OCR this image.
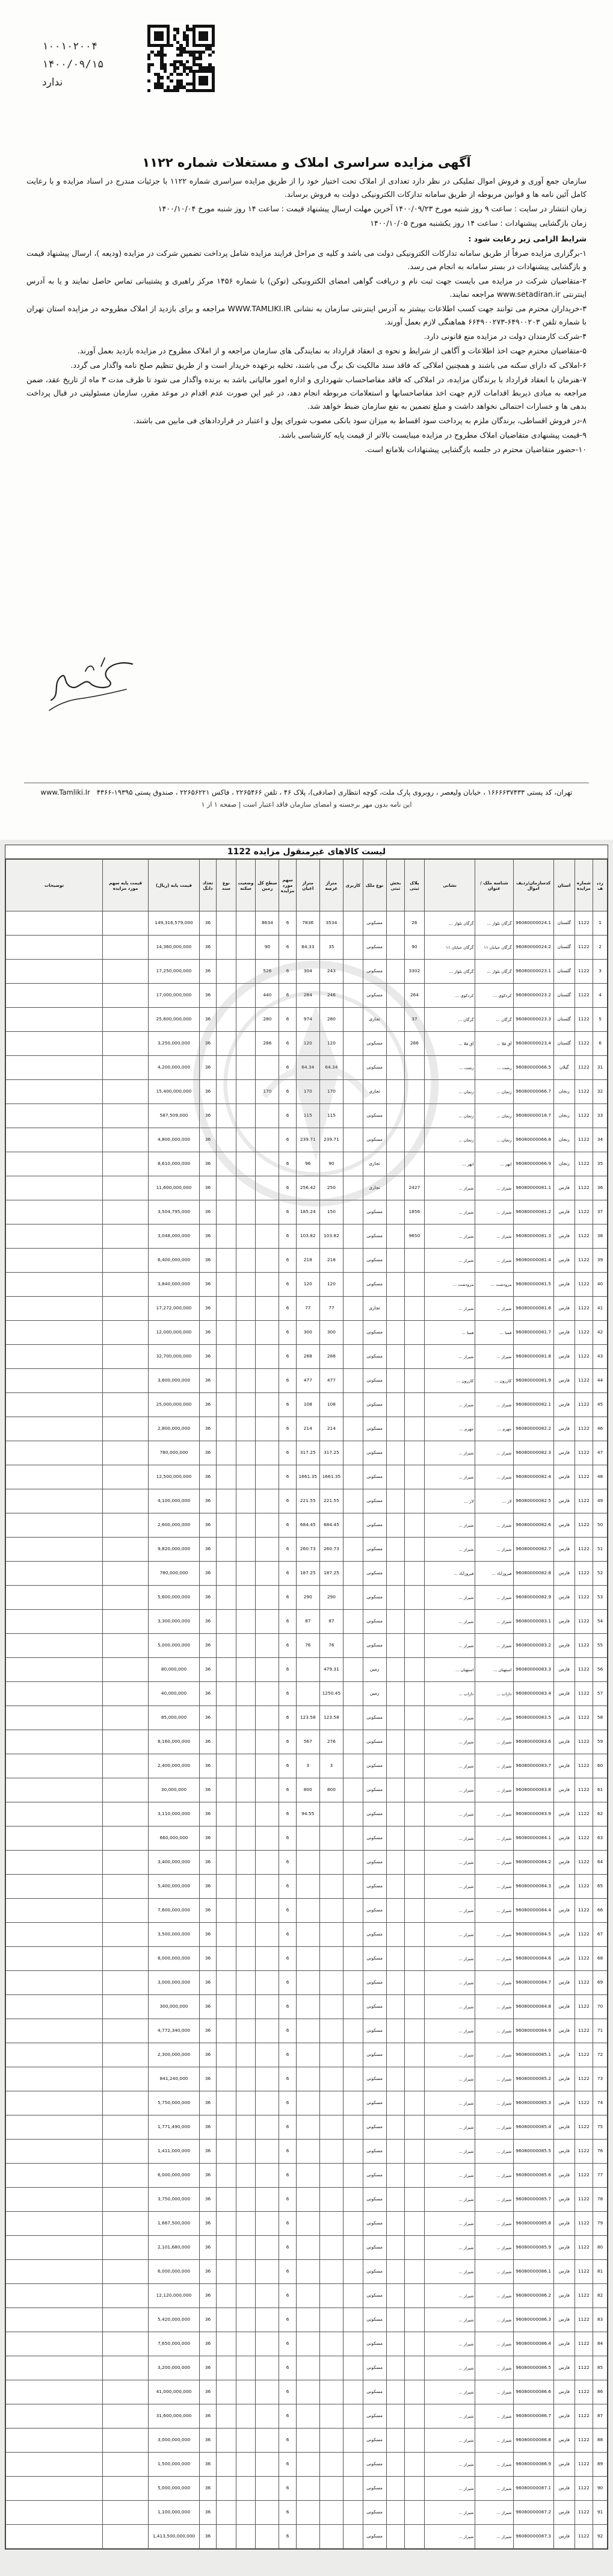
۱۰۰۱۰۲۰۰۴
۱۴۰۰/۰۹/۱۵

ندارد
آگهی مزایده سراسری املاک و مستغلات شماره ۱۱۲۲

سازمان جمع آوری و فروش اموال تملیکی در نظر دارد تعدادی از املاک تحت اختیار خود را از طریق مزایده سراسری شماره ۱۱۲۲ با جزئیات مندرج در اسناد مزایده و با رعایت کامل آئین نامه ها و قوانین مربوطه از طریق سامانه تدارکات الکترونیکی دولت به فروش برساند.

زمان انتشار در سایت : ساعت ۹ روز شنبه مورخ ۱۴۰۰/۰۹/۲۳ آخرین مهلت ارسال پیشنهاد قیمت : ساعت ۱۴ روز شنبه مورخ ۱۴۰۰/۱۰/۰۴

زمان بازگشایی پیشنهادات : ساعت ۱۴ روز یکشنبه مورخ ۱۴۰۰/۱۰/۰۵

شرایط الزامی زیر رعایت شود :

۱-برگزاری مزایده صرفاً از طریق سامانه تدارکات الکترونیکی دولت می باشد و کلیه ی مراحل فرایند مزایده شامل پرداخت تضمین شرکت در مزایده (ودیعه )، ارسال پیشنهاد قیمت و بازگشایی پیشنهادات در بستر سامانه به انجام می رسد.

۲-متقاضیان شرکت در مزایده می بایست جهت ثبت نام و دریافت گواهی امضای الکترونیکی (توکن) با شماره ۱۴۵۶ مرکز راهبری و پشتیبانی تماس حاصل نمایند و یا به آدرس اینترنتی www.setadiran.ir مراجعه نمایند.

۳-خریداران محترم می توانند جهت کسب اطلاعات بیشتر به آدرس اینترنتی سازمان به نشانی WWW.TAMLIKI.IR مراجعه و برای بازدید از املاک مطروحه در مزایده استان تهران با شماره تلفن ۶۴۹۰۰۲۰۳-۶۶۴۹۰۰۲۷۳ هماهنگی لازم بعمل آورند.

۴-شرکت کارمندان دولت در مزایده منع قانونی دارد.

۵-متقاضیان محترم جهت اخذ اطلاعات و آگاهی از شرایط و نحوه ی انعقاد قرارداد به نمایندگی های سازمان مراجعه و از املاک مطروح در مزایده بازدید بعمل آورند.

۶-املاکی که دارای سکنه می باشند و همچنین املاکی که فاقد سند مالکیت تک برگ می باشند، تخلیه برعهده خریدار است و از طریق تنظیم صلح نامه واگذار می گردد.

۷-هنرمان با انعقاد قرارداد با برندگان مزایده، در املاکی که فاقد مفاصاحساب شهرداری و اداره امور مالیاتی باشد به برنده واگذار می شود تا ظرف مدت ۳ ماه از تاریخ عقد، ضمن مراجعه به مبادی ذیربط اقدامات لازم جهت اخذ مفاصاحسابها و استعلامات مربوطه انجام دهد، در غیر این صورت عدم اقدام در موعد مقرر، سازمان مسئولیتی در قبال پرداخت بدهی ها و خسارات احتمالی نخواهد داشت و مبلغ تضمین به نفع سازمان ضبط خواهد شد.

۸-در فروش اقساطی، برندگان ملزم به پرداخت سود اقساط به میزان سود بانکی مصوب شورای پول و اعتبار در قراردادهای فی مابین می باشند.

۹-قیمت پیشنهادی متقاضیان املاک مطروح در مزایده میبایست بالاتر از قیمت پایه کارشناسی باشد.

۱۰-حضور متقاضیان محترم در جلسه بازگشایی پیشنهادات بلامانع است.

تهران، کد پستی ۱۶۶۶۶۳۷۴۳۳ ، خیابان ولیعصر ، روبروی پارک ملت، کوچه انتظاری (صادقی)، پلاک ۴۶ ، تلفن ۲۲۶۵۴۶۶ ، فاکس ۲۲۶۵۶۲۲۱ ، صندوق پستی ۱۹۳۹۵-۴۳۶۶   www.Tamliki.Ir
این نامه بدون مهر برجسته و امضای سازمان فاقد اعتبار است | صفحه ۱ از ۱
لیست کالاهای غیرمنقول مزایده 1122
ردیف	شماره مزایده	استان	کدسازمان/ردیف اموال	شناسه ملک / عنوان	نشانی	پلاک ثبتی	بخش ثبتی	نوع ملک	کاربری	متراژ عرصه	متراژ اعیان	سهم مورد مزایده	سطح کل زمین	وضعیت سکنه	نوع سند	تعداد دانگ	قیمت پایه (ریال)	قیمت پایه سهم مورد مزایده	توضیحات
1	1122	گلستان	96080000024.1	گرگان بلوار ...	گرگان بلوار ...	26		مسکونی		3534	7836	6	8634			36	149,316,579,000		
2	1122	گلستان	96080000024.2	گرگان خیابان ۱۱	گرگان خیابان ۱۱	90		مسکونی		35	84.33	6	90			36	14,360,000,000		
3	1122	گلستان	96080000023.1	گرگان بلوار ...	گرگان بلوار ...	3302		مسکونی		243	304	6	526			36	17,250,000,000		
4	1122	گلستان	96080000023.2	کردکوی ...	کردکوی ...	264		مسکونی		246	284	6	440			36	17,000,000,000		
5	1122	گلستان	96080000023.3	گرگان ...	گرگان ...	37		تجاری		280	974	6	280			36	25,600,000,000		
6	1122	گلستان	96080000023.4	آق قلا ...	آق قلا ...	286		مسکونی		120	120	6	286			36	3,250,000,000		
31	1122	گیلان	96080000066.5	رشت ...	رشت ...			مسکونی		64.34	64.34	6				36	4,200,000,000		
32	1122	زنجان	96080000066.7	زنجان ...	زنجان ...			تجاری		170	170	6	170			36	15,400,000,000		
33	1122	زنجان	96080000018.7	زنجان ...	زنجان ...			مسکونی		115	115	6				36	587,509,000		
34	1122	زنجان	96080000066.8	زنجان ...	زنجان ...			مسکونی		239.71	239.71	6				36	4,800,000,000		
35	1122	زنجان	96080000066.9	ابهر ...	ابهر ...			تجاری		90	96	6				36	8,610,000,000		
36	1122	فارس	96080000081.1	شیراز ...	شیراز ...	2427		تجاری		250	256.42	6				36	11,600,000,000		
37	1122	فارس	96080000081.2	شیراز ...	شیراز ...	1856		مسکونی		150	185.24	6				36	3,504,795,000		
38	1122	فارس	96080000081.3	شیراز ...	شیراز ...	9650		مسکونی		103.82	103.82	6				36	3,048,000,000		
39	1122	فارس	96080000081.4	شیراز ...	شیراز ...			مسکونی		218	218	6				36	6,400,000,000		
40	1122	فارس	96080000081.5	مرودشت ...	مرودشت ...			مسکونی		120	120	6				36	3,840,000,000		
41	1122	فارس	96080000081.6	شیراز ...	شیراز ...			تجاری		77	77	6				36	17,272,000,000		
42	1122	فارس	96080000081.7	فسا ...	فسا ...			مسکونی		300	300	6				36	12,000,000,000		
43	1122	فارس	96080000081.8	شیراز ...	شیراز ...			مسکونی		288	288	6				36	32,700,000,000		
44	1122	فارس	96080000081.9	کازرون ...	کازرون ...			مسکونی		477	477	6				36	3,600,000,000		
45	1122	فارس	96080000082.1	شیراز ...	شیراز ...			مسکونی		108	108	6				36	25,000,000,000		
46	1122	فارس	96080000082.2	جهرم ...	جهرم ...			مسکونی		214	214	6				36	2,800,000,000		
47	1122	فارس	96080000082.3	شیراز ...	شیراز ...			مسکونی		317.25	317.25	6				36	780,000,000		
48	1122	فارس	96080000082.4	شیراز ...	شیراز ...			مسکونی		1661.35	1661.35	6				36	12,500,000,000		
49	1122	فارس	96080000082.5	لار ...	لار ...			مسکونی		221.55	221.55	6				36	4,100,000,000		
50	1122	فارس	96080000082.6	شیراز ...	شیراز ...			مسکونی		684.45	684.45	6				36	2,600,000,000		
51	1122	فارس	96080000082.7	شیراز ...	شیراز ...			مسکونی		260.73	260.73	6				36	9,820,000,000		
52	1122	فارس	96080000082.8	فیروزآباد ...	فیروزآباد ...			مسکونی		187.25	187.25	6				36	780,000,000		
53	1122	فارس	96080000082.9	شیراز ...	شیراز ...			مسکونی		290	290	6				36	5,600,000,000		
54	1122	فارس	96080000083.1	شیراز ...	شیراز ...			مسکونی		87	87	6				36	3,300,000,000		
55	1122	فارس	96080000083.2	شیراز ...	شیراز ...			مسکونی		76	76	6				36	5,000,000,000		
56	1122	فارس	96080000083.3	استهبان ...	استهبان ...			زمین		479.31		6				36	80,000,000		
57	1122	فارس	96080000083.4	داراب ...	داراب ...			زمین		1250.45		6				36	40,000,000		
58	1122	فارس	96080000083.5	شیراز ...	شیراز ...			مسکونی		123.58	123.58	6				36	85,000,000		
59	1122	فارس	96080000083.6	شیراز ...	شیراز ...			مسکونی		276	567	6				36	8,160,000,000		
60	1122	فارس	96080000083.7	شیراز ...	شیراز ...			مسکونی		3	3	6				36	2,400,000,000		
61	1122	فارس	96080000083.8	شیراز ...	شیراز ...			مسکونی		800	800	6				36	30,000,000		
62	1122	فارس	96080000083.9	شیراز ...	شیراز ...			مسکونی			94.55	6				36	3,110,000,000		
63	1122	فارس	96080000084.1	شیراز ...	شیراز ...			مسکونی				6				36	660,000,000		
64	1122	فارس	96080000084.2	شیراز ...	شیراز ...			مسکونی				6				36	3,400,000,000		
65	1122	فارس	96080000084.3	شیراز ...	شیراز ...			مسکونی				6				36	5,400,000,000		
66	1122	فارس	96080000084.4	شیراز ...	شیراز ...			مسکونی				6				36	7,600,000,000		
67	1122	فارس	96080000084.5	شیراز ...	شیراز ...			مسکونی				6				36	3,500,000,000		
68	1122	فارس	96080000084.6	شیراز ...	شیراز ...			مسکونی				6				36	8,000,000,000		
69	1122	فارس	96080000084.7	شیراز ...	شیراز ...			مسکونی				6				36	3,000,000,000		
70	1122	فارس	96080000084.8	شیراز ...	شیراز ...			مسکونی				6				36	300,000,000		
71	1122	فارس	96080000084.9	شیراز ...	شیراز ...			مسکونی				6				36	4,772,340,000		
72	1122	فارس	96080000085.1	شیراز ...	شیراز ...			مسکونی				6				36	2,300,000,000		
73	1122	فارس	96080000085.2	شیراز ...	شیراز ...			مسکونی				6				36	841,240,000		
74	1122	فارس	96080000085.3	شیراز ...	شیراز ...			مسکونی				6				36	5,750,000,000		
75	1122	فارس	96080000085.4	شیراز ...	شیراز ...			مسکونی				6				36	1,771,490,000		
76	1122	فارس	96080000085.5	شیراز ...	شیراز ...			مسکونی				6				36	1,411,000,000		
77	1122	فارس	96080000085.6	شیراز ...	شیراز ...			مسکونی				6				36	6,000,000,000		
78	1122	فارس	96080000085.7	شیراز ...	شیراز ...			مسکونی				6				36	3,750,000,000		
79	1122	فارس	96080000085.8	شیراز ...	شیراز ...			مسکونی				6				36	1,667,500,000		
80	1122	فارس	96080000085.9	شیراز ...	شیراز ...			مسکونی				6				36	2,101,680,000		
81	1122	فارس	96080000086.1	شیراز ...	شیراز ...			مسکونی				6				36	6,000,000,000		
82	1122	فارس	96080000086.2	شیراز ...	شیراز ...			مسکونی				6				36	12,120,000,000		
83	1122	فارس	96080000086.3	شیراز ...	شیراز ...			مسکونی				6				36	5,420,000,000		
84	1122	فارس	96080000086.4	شیراز ...	شیراز ...			مسکونی				6				36	7,650,000,000		
85	1122	فارس	96080000086.5	شیراز ...	شیراز ...			مسکونی				6				36	3,200,000,000		
86	1122	فارس	96080000086.6	شیراز ...	شیراز ...			مسکونی				6				36	41,000,000,000		
87	1122	فارس	96080000086.7	شیراز ...	شیراز ...			مسکونی				6				36	31,600,000,000		
88	1122	فارس	96080000086.8	شیراز ...	شیراز ...			مسکونی				6				36	3,000,000,000		
89	1122	فارس	96080000086.9	شیراز ...	شیراز ...			مسکونی				6				36	1,500,000,000		
90	1122	فارس	96080000087.1	شیراز ...	شیراز ...			مسکونی				6				36	5,000,000,000		
91	1122	فارس	96080000087.2	شیراز ...	شیراز ...			مسکونی				6				36	1,100,000,000		
92	1122	فارس	96080000087.3	شیراز ...	شیراز ...			مسکونی				6				36	1,413,500,000,000		
